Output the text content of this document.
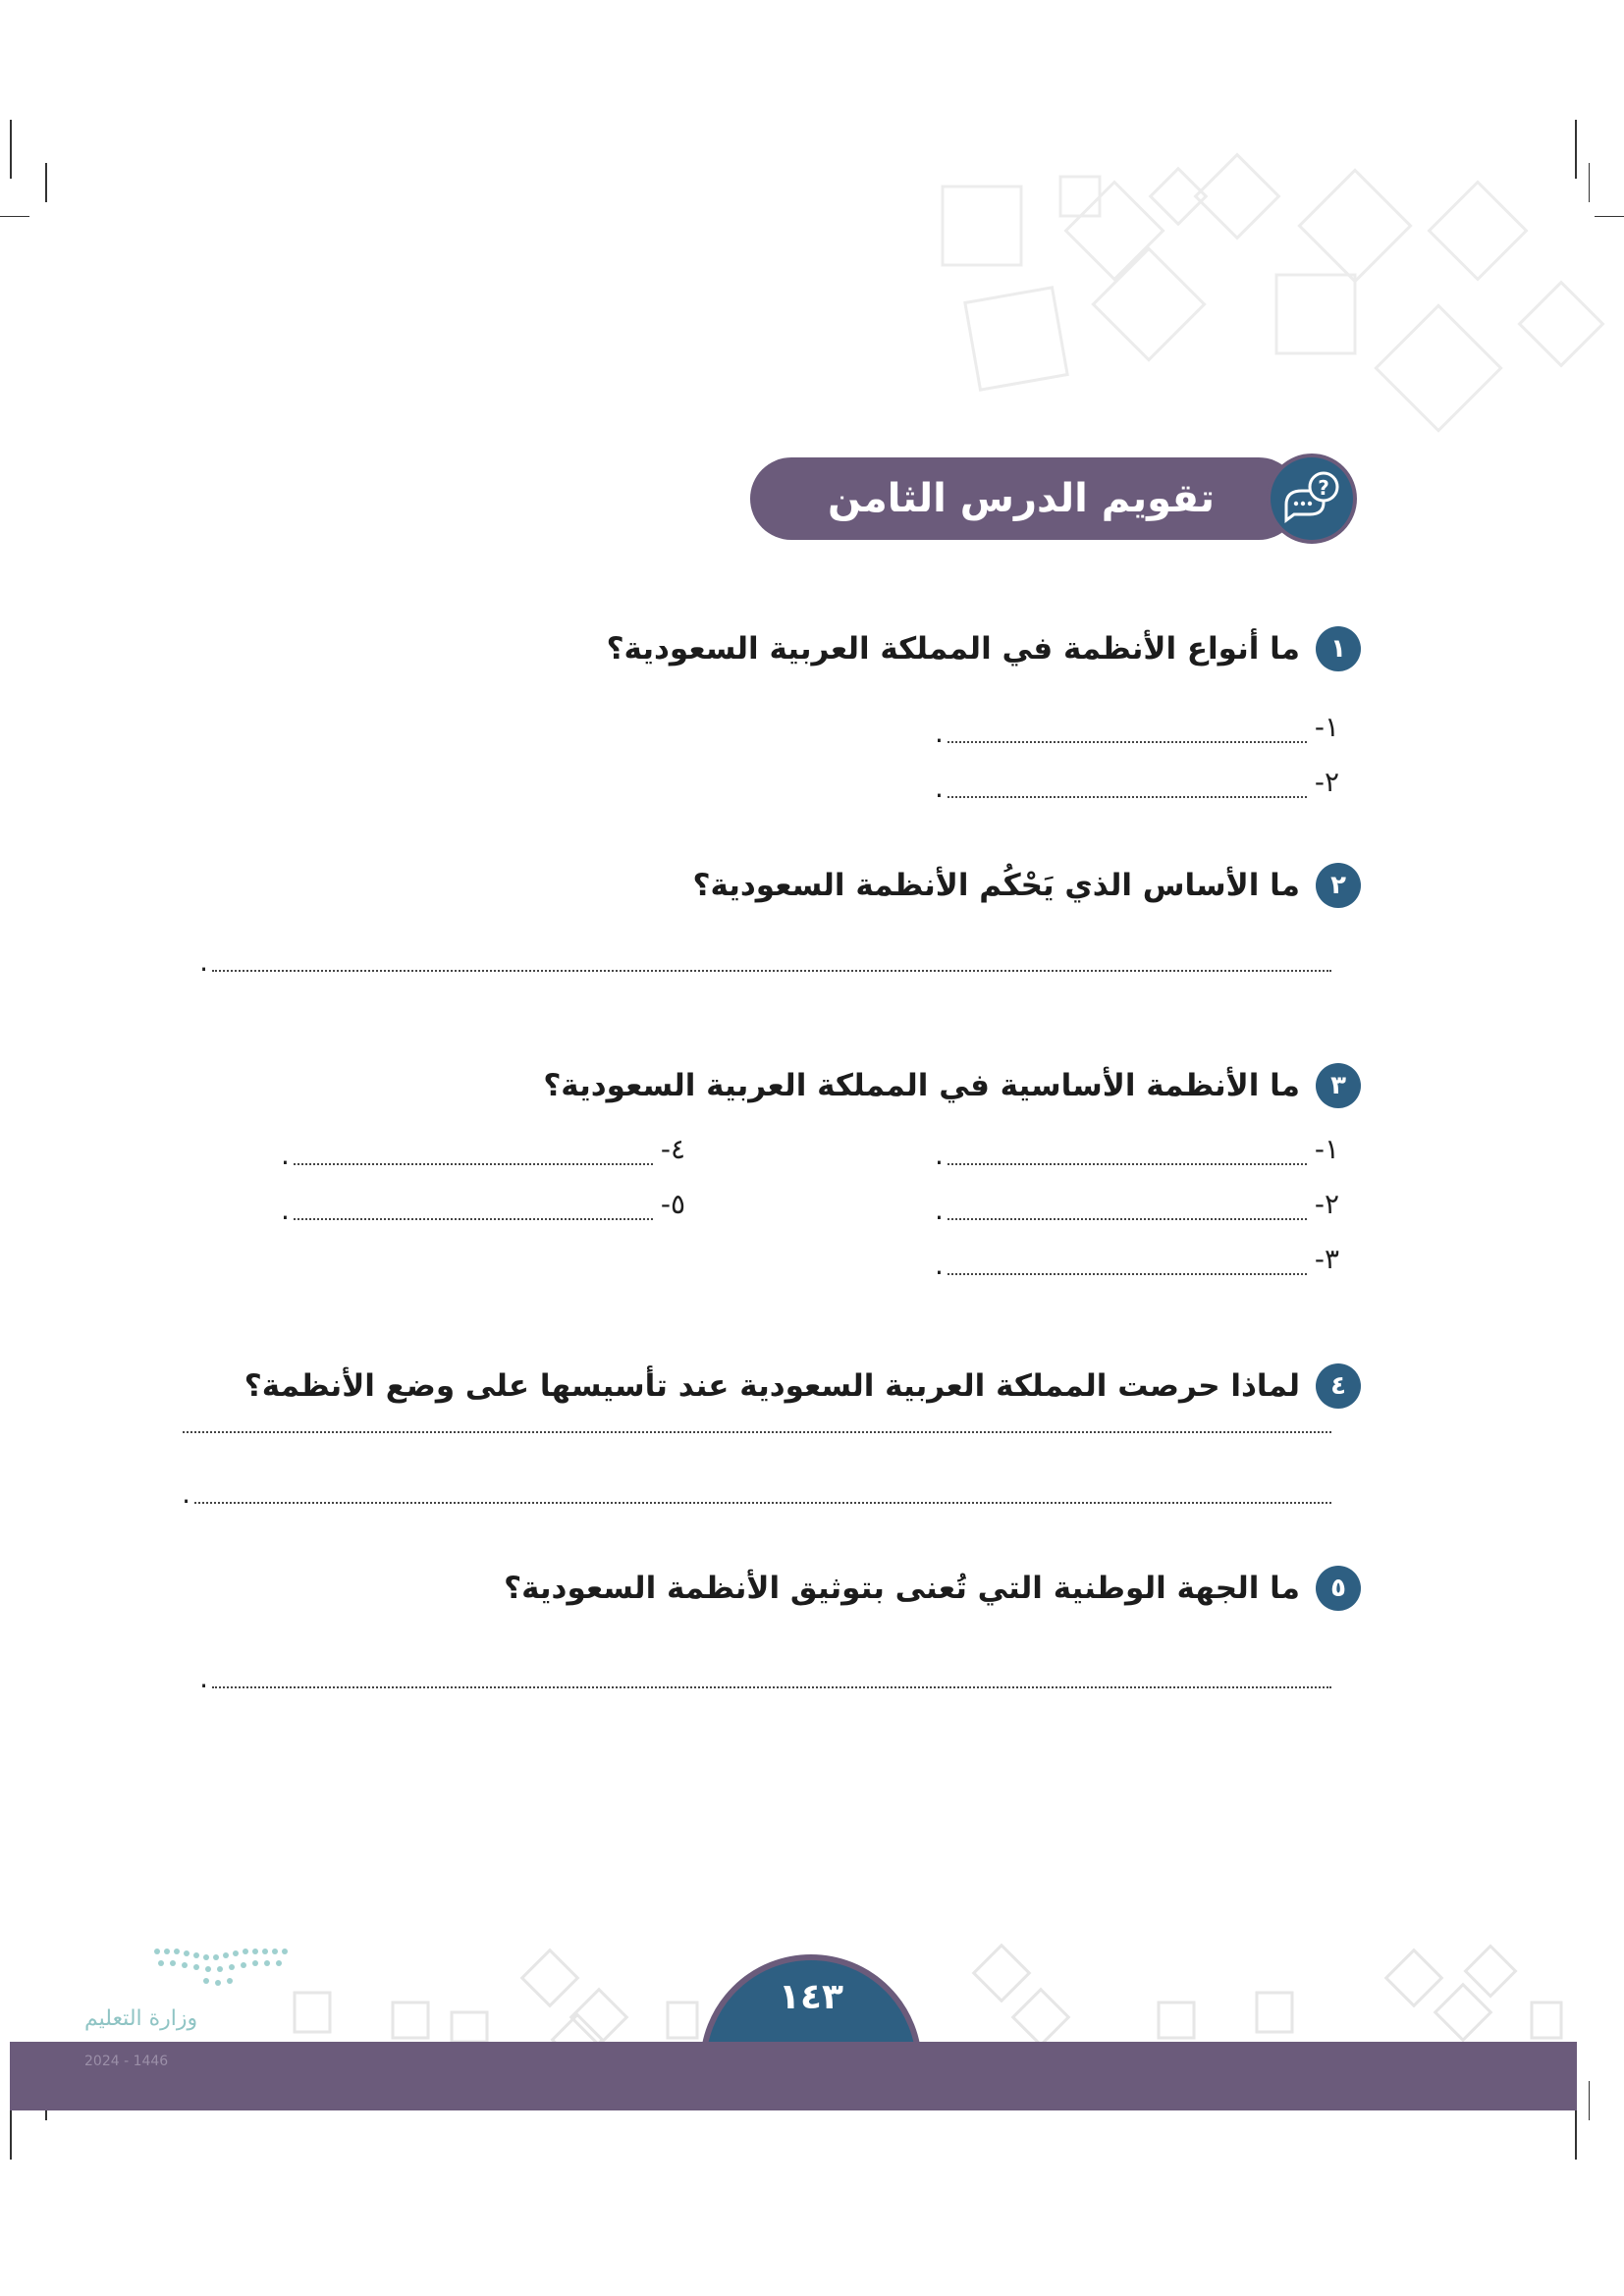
تقويم الدرس الثامن عشر
?
١
ما أنواع الأنظمة في المملكة العربية السعودية؟
١-
.
٢-
.
٢
ما الأساس الذي يَحْكُم الأنظمة السعودية؟
.
٣
ما الأنظمة الأساسية في المملكة العربية السعودية؟
١-
.
٢-
.
٣-
.
٤-
.
٥-
.
٤
لماذا حرصت المملكة العربية السعودية عند تأسيسها على وضع الأنظمة؟
.
٥
ما الجهة الوطنية التي تُعنى بتوثيق الأنظمة السعودية؟
.
١٤٣
وزارة التعليم
2024 - 1446
